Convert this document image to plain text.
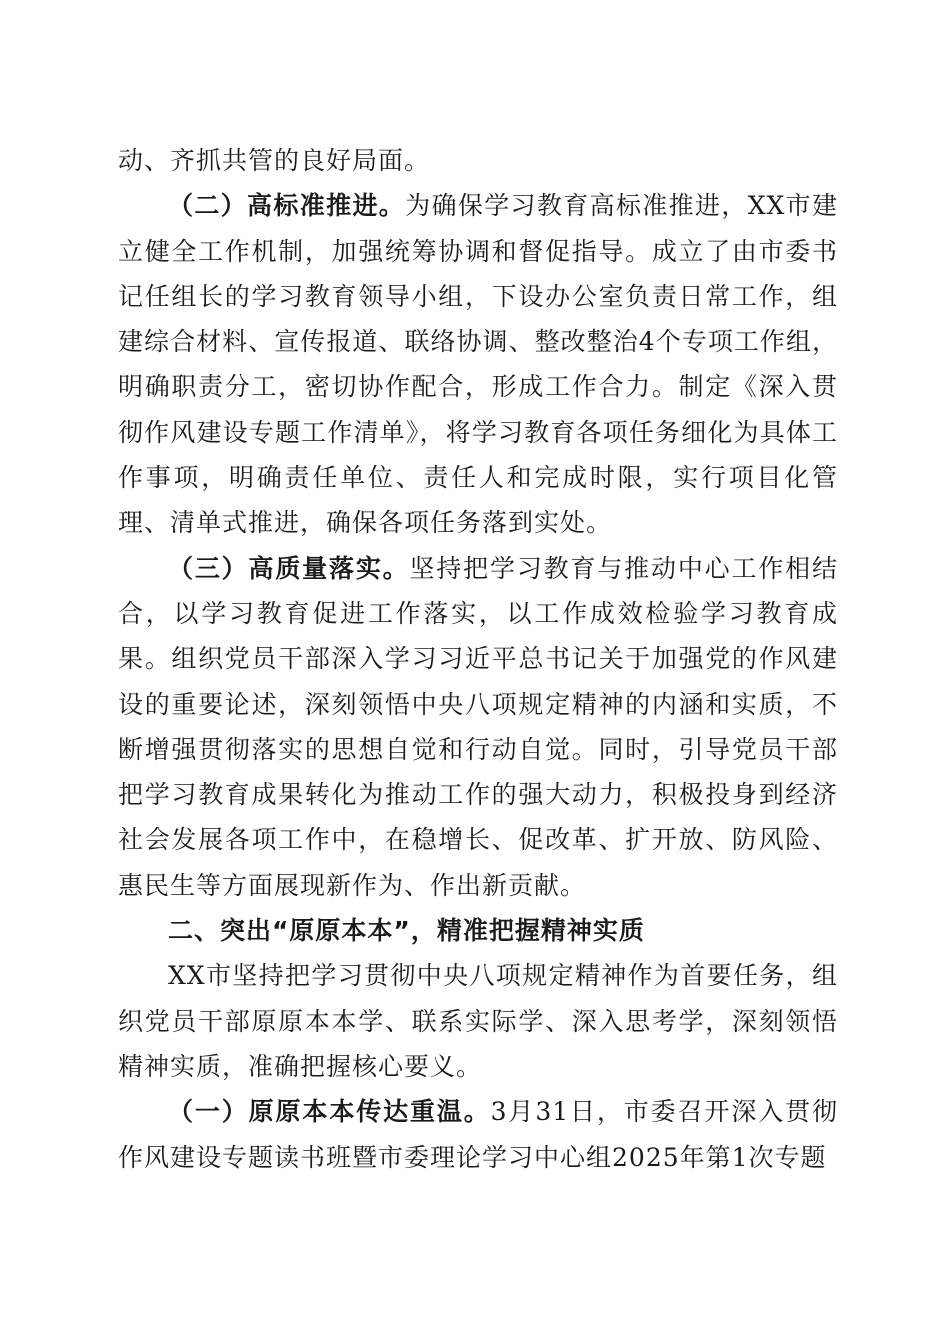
动、齐抓共管的良好局面。

（二）高标准推进。为确保学习教育高标准推进，XX市建立健全工作机制，加强统筹协调和督促指导。成立了由市委书记任组长的学习教育领导小组，下设办公室负责日常工作，组建综合材料、宣传报道、联络协调、整改整治4个专项工作组，明确职责分工，密切协作配合，形成工作合力。制定《深入贯彻作风建设专题工作清单》，将学习教育各项任务细化为具体工作事项，明确责任单位、责任人和完成时限，实行项目化管理、清单式推进，确保各项任务落到实处。

（三）高质量落实。坚持把学习教育与推动中心工作相结合，以学习教育促进工作落实，以工作成效检验学习教育成果。组织党员干部深入学习习近平总书记关于加强党的作风建设的重要论述，深刻领悟中央八项规定精神的内涵和实质，不断增强贯彻落实的思想自觉和行动自觉。同时，引导党员干部把学习教育成果转化为推动工作的强大动力，积极投身到经济社会发展各项工作中，在稳增长、促改革、扩开放、防风险、惠民生等方面展现新作为、作出新贡献。

二、突出“原原本本”，精准把握精神实质

XX市坚持把学习贯彻中央八项规定精神作为首要任务，组织党员干部原原本本学、联系实际学、深入思考学，深刻领悟精神实质，准确把握核心要义。

（一）原原本本传达重温。3月31日，市委召开深入贯彻作风建设专题读书班暨市委理论学习中心组2025年第1次专题
